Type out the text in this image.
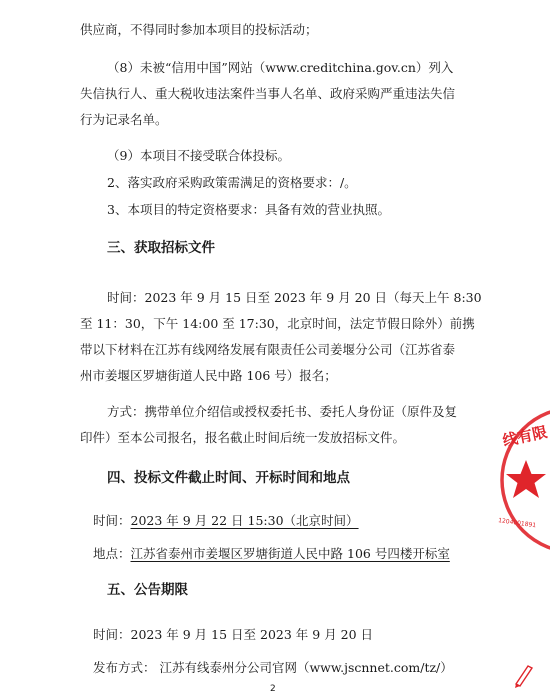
供应商，不得同时参加本项目的投标活动；
（8）未被“信用中国”网站（www.creditchina.gov.cn）列入
失信执行人、重大税收违法案件当事人名单、政府采购严重违法失信
行为记录名单。
（9）本项目不接受联合体投标。
2、落实政府采购政策需满足的资格要求：/。
3、本项目的特定资格要求：具备有效的营业执照。
三、获取招标文件
时间：2023 年 9 月 15 日至 2023 年 9 月 20 日（每天上午 8:30
至 11：30，下午 14:00 至 17:30，北京时间，法定节假日除外）前携
带以下材料在江苏有线网络发展有限责任公司姜堰分公司（江苏省泰
州市姜堰区罗塘街道人民中路 106 号）报名；
方式：携带单位介绍信或授权委托书、委托人身份证（原件及复
印件）至本公司报名，报名截止时间后统一发放招标文件。
四、投标文件截止时间、开标时间和地点
时间：2023 年 9 月 22 日 15:30（北京时间）
地点：江苏省泰州市姜堰区罗塘街道人民中路 106 号四楼开标室
五、公告期限
时间：2023 年 9 月 15 日至 2023 年 9 月 20 日
发布方式： 江苏有线泰州分公司官网（www.jscnnet.com/tz/）
2
线有限
1204001891
